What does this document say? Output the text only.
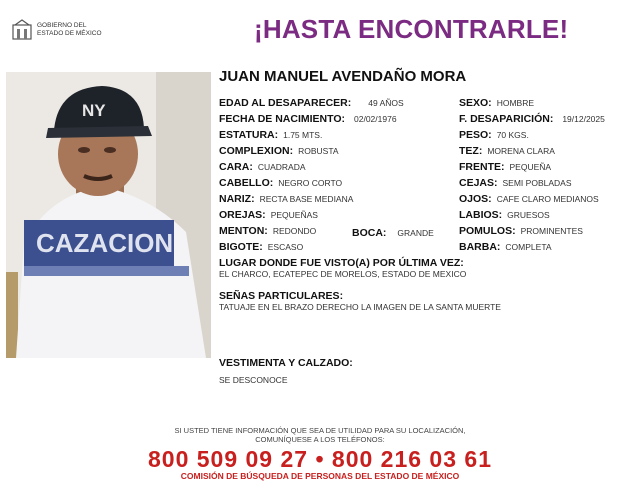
GOBIERNO DEL
ESTADO DE MÉXICO	¡HASTA ENCONTRARLE!
CAZACION
NY
JUAN MANUEL AVENDAÑO MORA
EDAD AL DESAPARECER: 49 AÑOS
FECHA DE NACIMIENTO: 02/02/1976
ESTATURA: 1.75 MTS.
COMPLEXION: ROBUSTA
CARA: CUADRADA
CABELLO: NEGRO CORTO
NARIZ: RECTA BASE MEDIANA
OREJAS: PEQUEÑAS
MENTON: REDONDO	BOCA: GRANDE
BIGOTE: ESCASO
SEXO: HOMBRE
F. DESAPARICIÓN: 19/12/2025
PESO: 70 KGS.
TEZ: MORENA CLARA
FRENTE: PEQUEÑA
CEJAS: SEMI POBLADAS
OJOS: CAFE CLARO MEDIANOS
LABIOS: GRUESOS
POMULOS: PROMINENTES
BARBA: COMPLETA
LUGAR DONDE FUE VISTO(A) POR ÚLTIMA VEZ:
EL CHARCO, ECATEPEC DE MORELOS, ESTADO DE MEXICO
SEÑAS PARTICULARES:
TATUAJE EN EL BRAZO DERECHO LA IMAGEN DE LA SANTA MUERTE
VESTIMENTA Y CALZADO:
SE DESCONOCE
SI USTED TIENE INFORMACIÓN QUE SEA DE UTILIDAD PARA SU LOCALIZACIÓN,
COMUNÍQUESE A LOS TELÉFONOS:
800 509 09 27 • 800 216 03 61
COMISIÓN DE BÚSQUEDA DE PERSONAS DEL ESTADO DE MÉXICO
